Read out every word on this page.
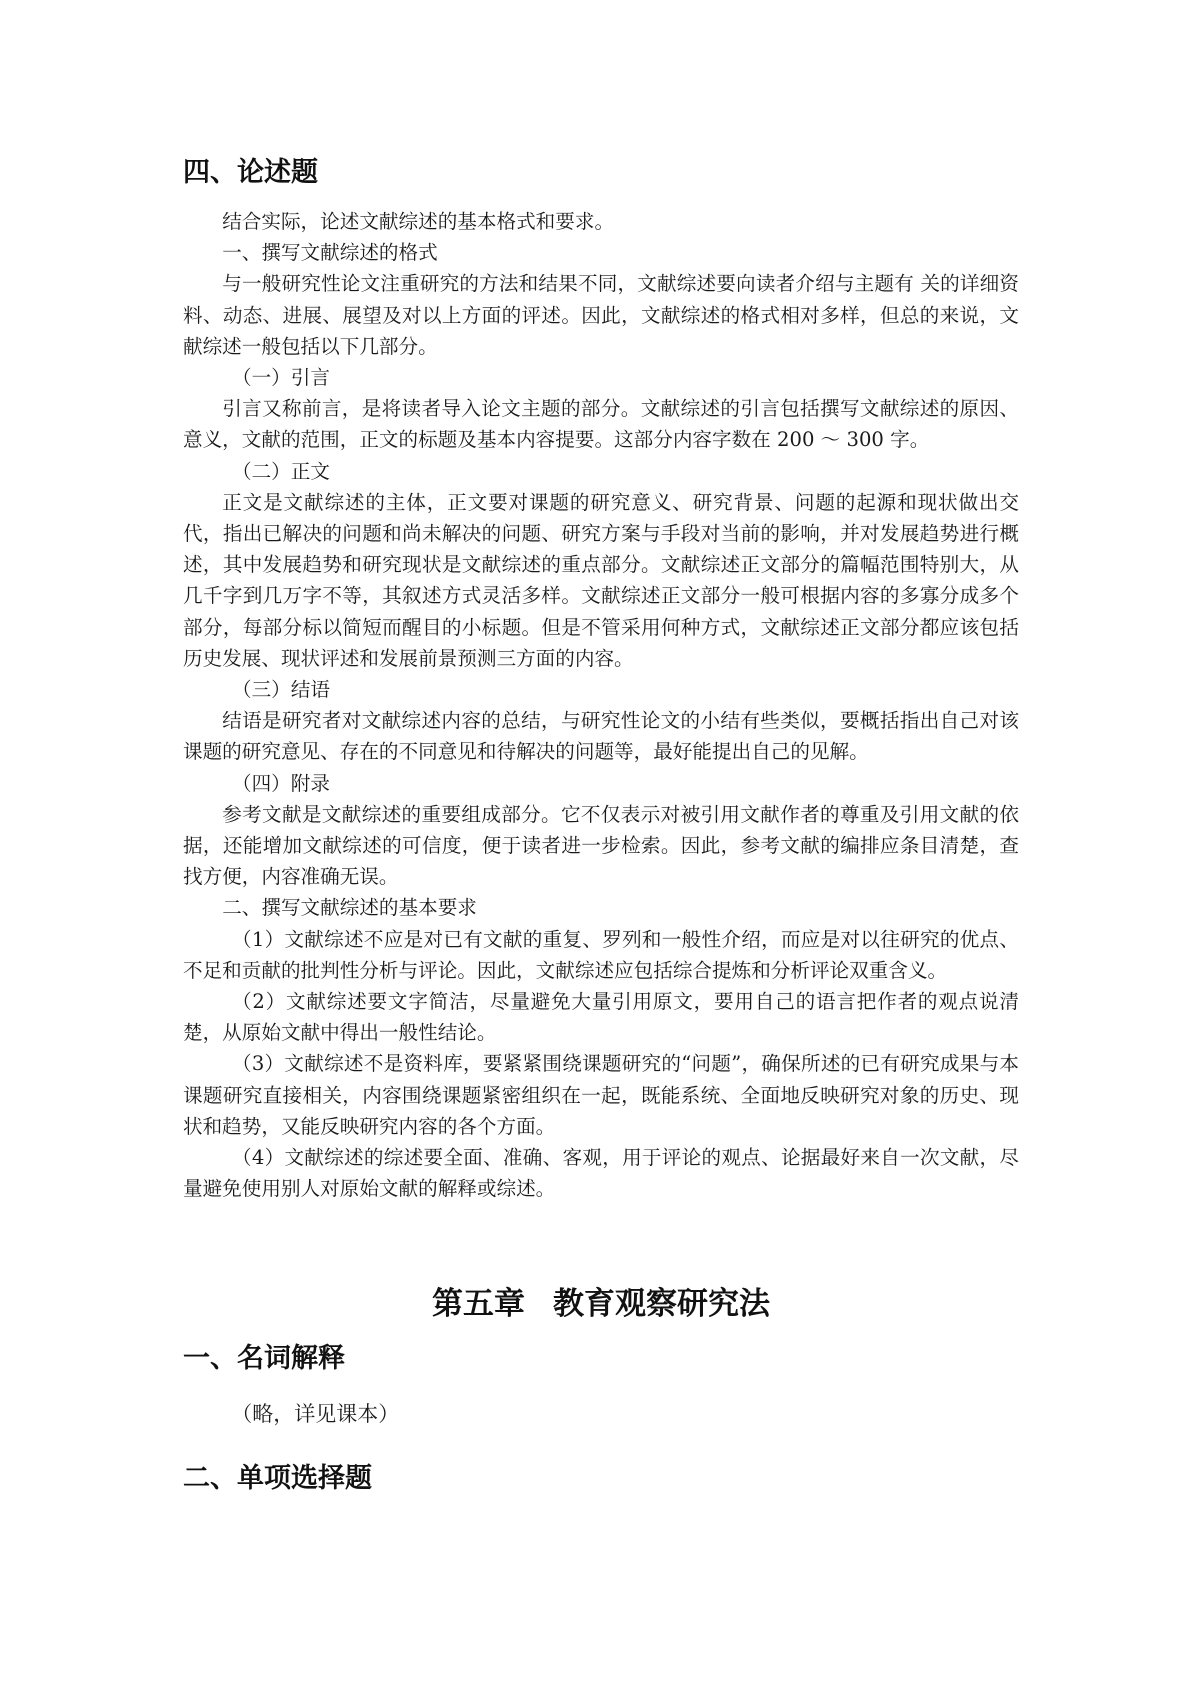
四、论述题

结合实际，论述文献综述的基本格式和要求。

一、撰写文献综述的格式

与一般研究性论文注重研究的方法和结果不同，文献综述要向读者介绍与主题有 关的详细资料、动态、进展、展望及对以上方面的评述。因此，文献综述的格式相对多样，但总的来说，文献综述一般包括以下几部分。

（一）引言

引言又称前言，是将读者导入论文主题的部分。文献综述的引言包括撰写文献综述的原因、意义，文献的范围，正文的标题及基本内容提要。这部分内容字数在 200 ～ 300 字。

（二）正文

正文是文献综述的主体，正文要对课题的研究意义、研究背景、问题的起源和现状做出交代，指出已解决的问题和尚未解决的问题、研究方案与手段对当前的影响，并对发展趋势进行概述，其中发展趋势和研究现状是文献综述的重点部分。文献综述正文部分的篇幅范围特别大，从几千字到几万字不等，其叙述方式灵活多样。文献综述正文部分一般可根据内容的多寡分成多个部分，每部分标以简短而醒目的小标题。但是不管采用何种方式，文献综述正文部分都应该包括历史发展、现状评述和发展前景预测三方面的内容。

（三）结语

结语是研究者对文献综述内容的总结，与研究性论文的小结有些类似，要概括指出自己对该课题的研究意见、存在的不同意见和待解决的问题等，最好能提出自己的见解。

（四）附录

参考文献是文献综述的重要组成部分。它不仅表示对被引用文献作者的尊重及引用文献的依据，还能增加文献综述的可信度，便于读者进一步检索。因此，参考文献的编排应条目清楚，查找方便，内容准确无误。

二、撰写文献综述的基本要求

（1）文献综述不应是对已有文献的重复、罗列和一般性介绍，而应是对以往研究的优点、不足和贡献的批判性分析与评论。因此，文献综述应包括综合提炼和分析评论双重含义。

（2）文献综述要文字简洁，尽量避免大量引用原文，要用自己的语言把作者的观点说清楚，从原始文献中得出一般性结论。

（3）文献综述不是资料库，要紧紧围绕课题研究的“问题”，确保所述的已有研究成果与本课题研究直接相关，内容围绕课题紧密组织在一起，既能系统、全面地反映研究对象的历史、现状和趋势，又能反映研究内容的各个方面。

（4）文献综述的综述要全面、准确、客观，用于评论的观点、论据最好来自一次文献，尽量避免使用别人对原始文献的解释或综述。

第五章 教育观察研究法
一、名词解释

（略，详见课本）

二、单项选择题
